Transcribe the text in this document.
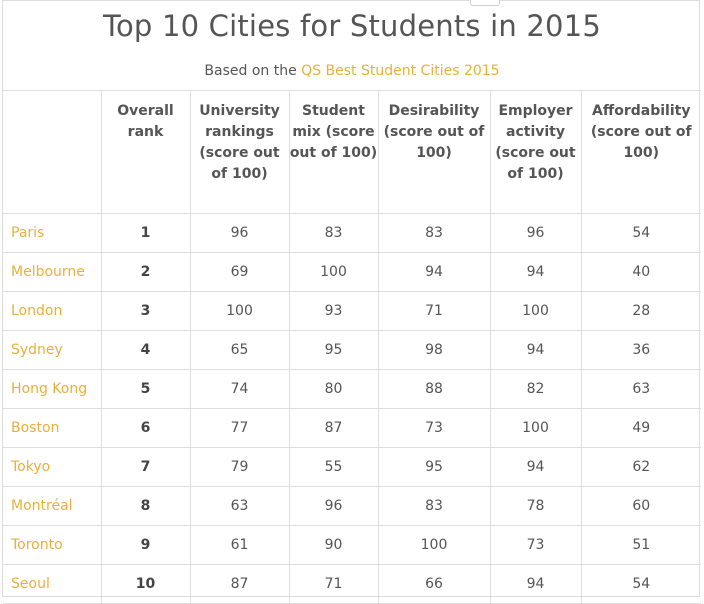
Top 10 Cities for Students in 2015
Based on the QS Best Student Cities 2015
	Overall rank	University rankings (score out of 100)	Student mix (score out of 100)	Desirability (score out of 100)	Employer activity (score out of 100)	Affordability (score out of 100)
Paris	1	96	83	83	96	54
Melbourne	2	69	100	94	94	40
London	3	100	93	71	100	28
Sydney	4	65	95	98	94	36
Hong Kong	5	74	80	88	82	63
Boston	6	77	87	73	100	49
Tokyo	7	79	55	95	94	62
Montréal	8	63	96	83	78	60
Toronto	9	61	90	100	73	51
Seoul	10	87	71	66	94	54
